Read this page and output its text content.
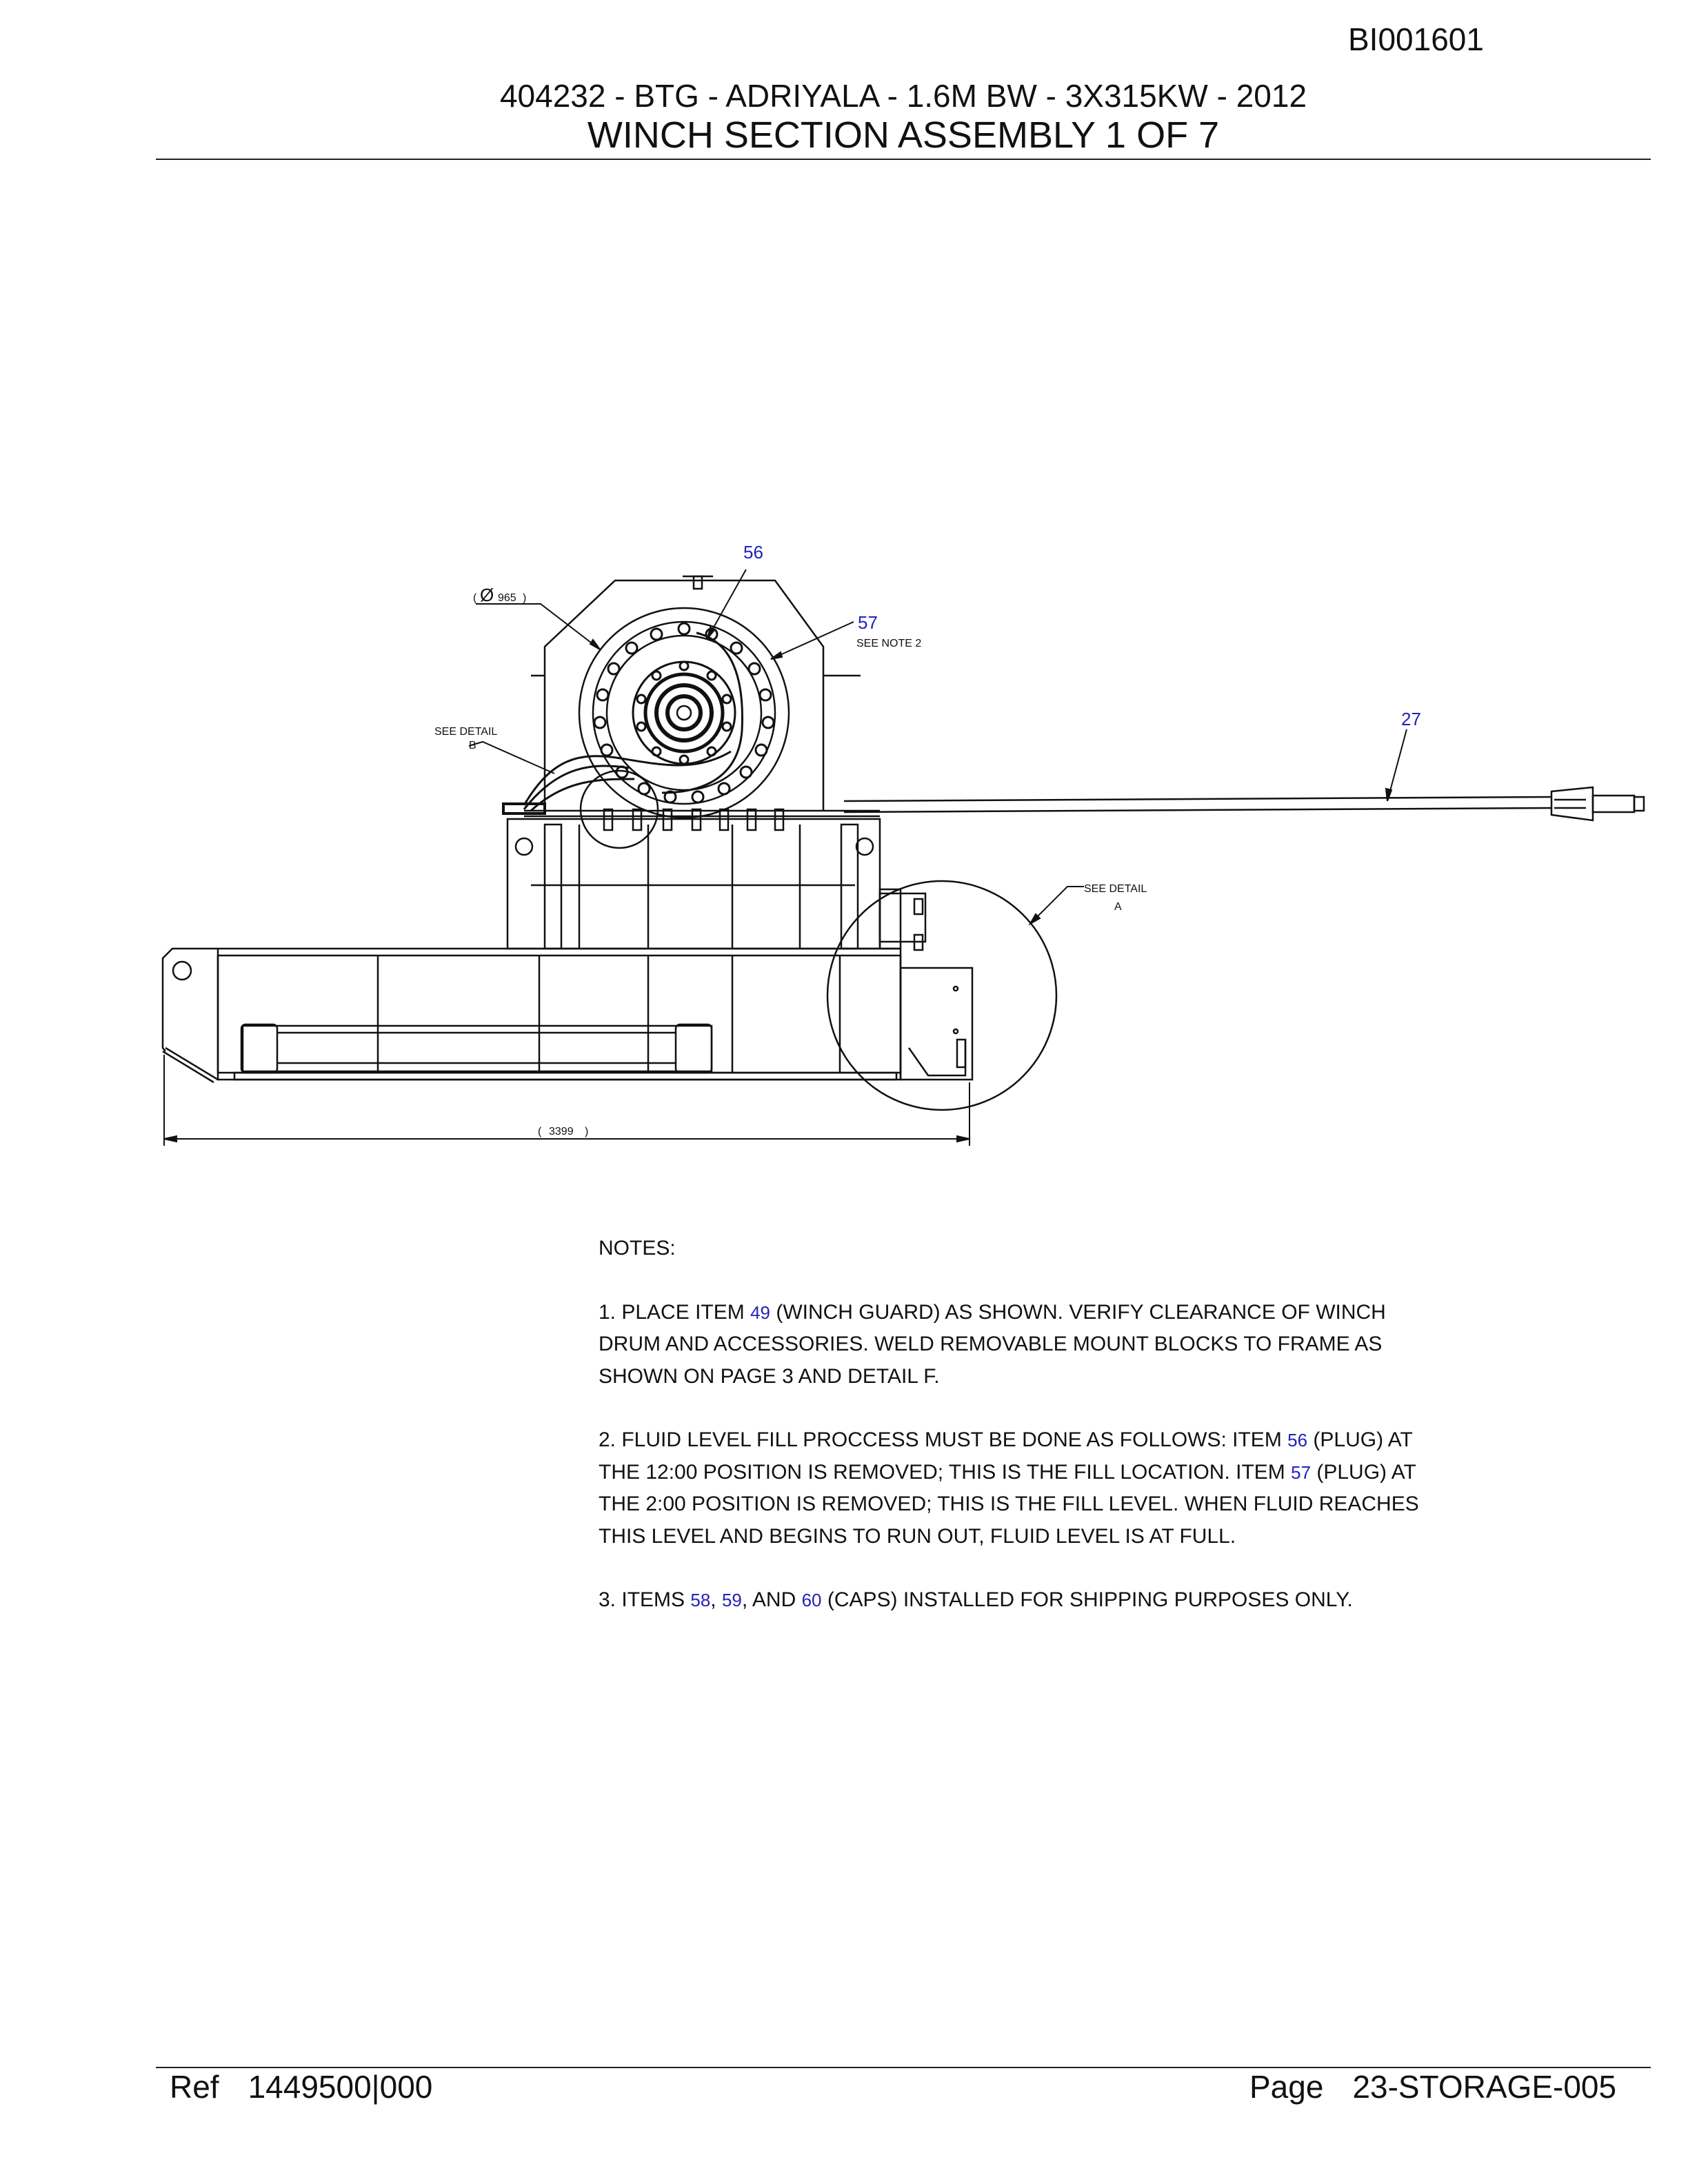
BI001601
404232 - BTG - ADRIYALA - 1.6M BW - 3X315KW - 2012
WINCH SECTION ASSEMBLY 1 OF 7
56
57
SEE NOTE 2
27
SEE DETAIL
B
SEE DETAIL
A
( Ø 965 )
( 3399 )

NOTES:

1. PLACE ITEM 49 (WINCH GUARD) AS SHOWN. VERIFY CLEARANCE OF WINCH DRUM AND ACCESSORIES. WELD REMOVABLE MOUNT BLOCKS TO FRAME AS SHOWN ON PAGE 3 AND DETAIL F.

2. FLUID LEVEL FILL PROCCESS MUST BE DONE AS FOLLOWS: ITEM 56 (PLUG) AT THE 12:00 POSITION IS REMOVED; THIS IS THE FILL LOCATION. ITEM 57 (PLUG) AT THE 2:00 POSITION IS REMOVED; THIS IS THE FILL LEVEL. WHEN FLUID REACHES THIS LEVEL AND BEGINS TO RUN OUT, FLUID LEVEL IS AT FULL.

3. ITEMS 58, 59, AND 60 (CAPS) INSTALLED FOR SHIPPING PURPOSES ONLY.

Ref 1449500|000	Page 23-STORAGE-005
